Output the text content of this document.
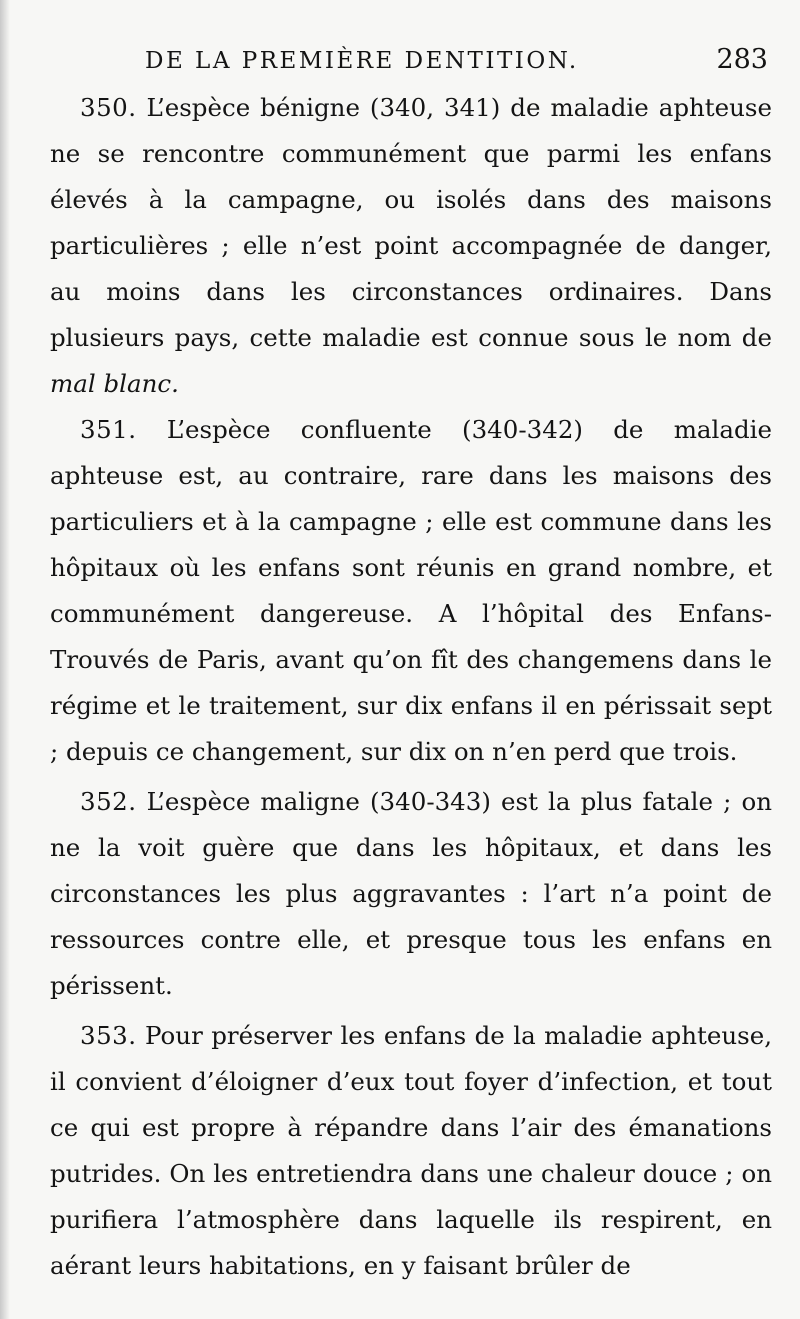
DE LA PREMIÈRE DENTITION.	283

350. L’espèce bénigne (340, 341) de maladie aphteuse ne se rencontre communément que parmi les enfans élevés à la campagne, ou isolés dans des maisons particulières ; elle n’est point accompagnée de danger, au moins dans les circonstances ordinaires. Dans plusieurs pays, cette maladie est connue sous le nom de mal blanc.

351. L’espèce confluente (340-342) de maladie aphteuse est, au contraire, rare dans les maisons des particuliers et à la campagne ; elle est commune dans les hôpitaux où les enfans sont réunis en grand nombre, et communément dangereuse. A l’hôpital des Enfans-Trouvés de Paris, avant qu’on fît des changemens dans le régime et le traitement, sur dix enfans il en périssait sept ; depuis ce changement, sur dix on n’en perd que trois.

352. L’espèce maligne (340-343) est la plus fatale ; on ne la voit guère que dans les hôpitaux, et dans les circonstances les plus aggravantes : l’art n’a point de ressources contre elle, et presque tous les enfans en périssent.

353. Pour préserver les enfans de la maladie aphteuse, il convient d’éloigner d’eux tout foyer d’infection, et tout ce qui est propre à répandre dans l’air des émanations putrides. On les entretiendra dans une chaleur douce ; on purifiera l’atmosphère dans laquelle ils respirent, en aérant leurs habitations, en y faisant brûler de
